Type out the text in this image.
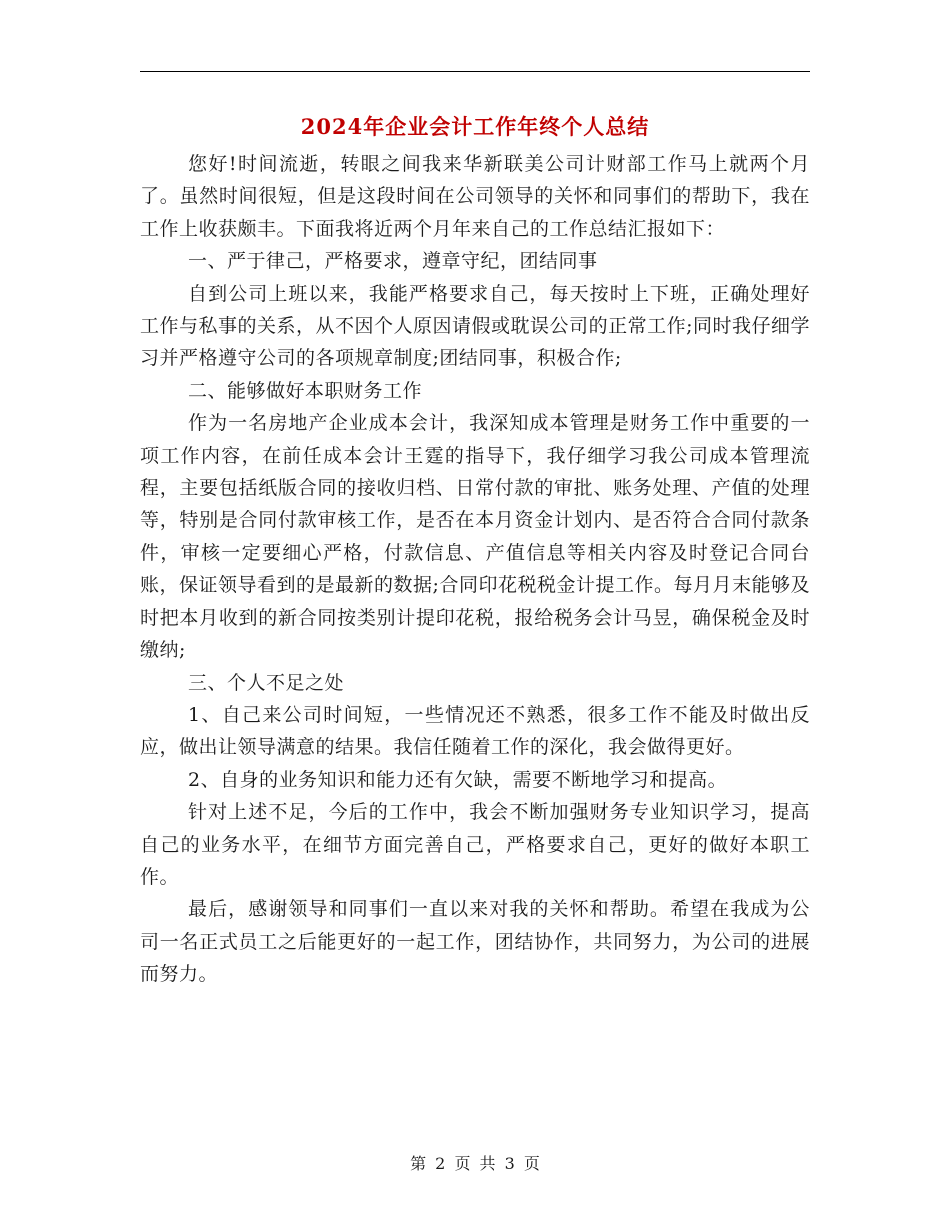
2024年企业会计工作年终个人总结

您好!时间流逝，转眼之间我来华新联美公司计财部工作马上就两个月了。虽然时间很短，但是这段时间在公司领导的关怀和同事们的帮助下，我在工作上收获颇丰。下面我将近两个月年来自己的工作总结汇报如下：

一、严于律己，严格要求，遵章守纪，团结同事

自到公司上班以来，我能严格要求自己，每天按时上下班，正确处理好工作与私事的关系，从不因个人原因请假或耽误公司的正常工作;同时我仔细学习并严格遵守公司的各项规章制度;团结同事，积极合作;

二、能够做好本职财务工作

作为一名房地产企业成本会计，我深知成本管理是财务工作中重要的一项工作内容，在前任成本会计王霆的指导下，我仔细学习我公司成本管理流程，主要包括纸版合同的接收归档、日常付款的审批、账务处理、产值的处理等，特别是合同付款审核工作，是否在本月资金计划内、是否符合合同付款条件，审核一定要细心严格，付款信息、产值信息等相关内容及时登记合同台账，保证领导看到的是最新的数据;合同印花税税金计提工作。每月月末能够及时把本月收到的新合同按类别计提印花税，报给税务会计马昱，确保税金及时缴纳;

三、个人不足之处

1、自己来公司时间短，一些情况还不熟悉，很多工作不能及时做出反应，做出让领导满意的结果。我信任随着工作的深化，我会做得更好。

2、自身的业务知识和能力还有欠缺，需要不断地学习和提高。

针对上述不足，今后的工作中，我会不断加强财务专业知识学习，提高自己的业务水平，在细节方面完善自己，严格要求自己，更好的做好本职工作。

最后，感谢领导和同事们一直以来对我的关怀和帮助。希望在我成为公司一名正式员工之后能更好的一起工作，团结协作，共同努力，为公司的进展而努力。

第 2 页 共 3 页
